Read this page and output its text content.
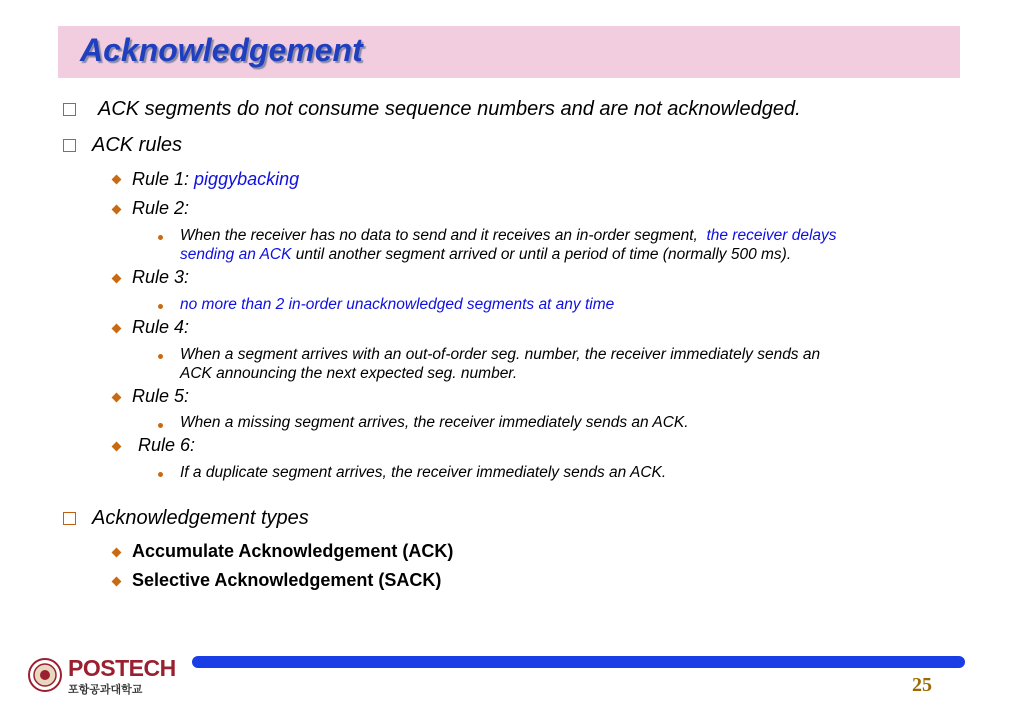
Acknowledgement
ACK segments do not consume sequence numbers and are not acknowledged.
ACK rules
Rule 1: piggybacking
Rule 2:
When the receiver has no data to send and it receives an in-order segment, the receiver delays
sending an ACK until another segment arrived or until a period of time (normally 500 ms).
Rule 3:
no more than 2 in-order unacknowledged segments at any time
Rule 4:
When a segment arrives with an out-of-order seg. number, the receiver immediately sends an
ACK announcing the next expected seg. number.
Rule 5:
When a missing segment arrives, the receiver immediately sends an ACK.
Rule 6:
If a duplicate segment arrives, the receiver immediately sends an ACK.
Acknowledgement types
Accumulate Acknowledgement (ACK)
Selective Acknowledgement (SACK)
POSTECH
포항공과대학교	25
